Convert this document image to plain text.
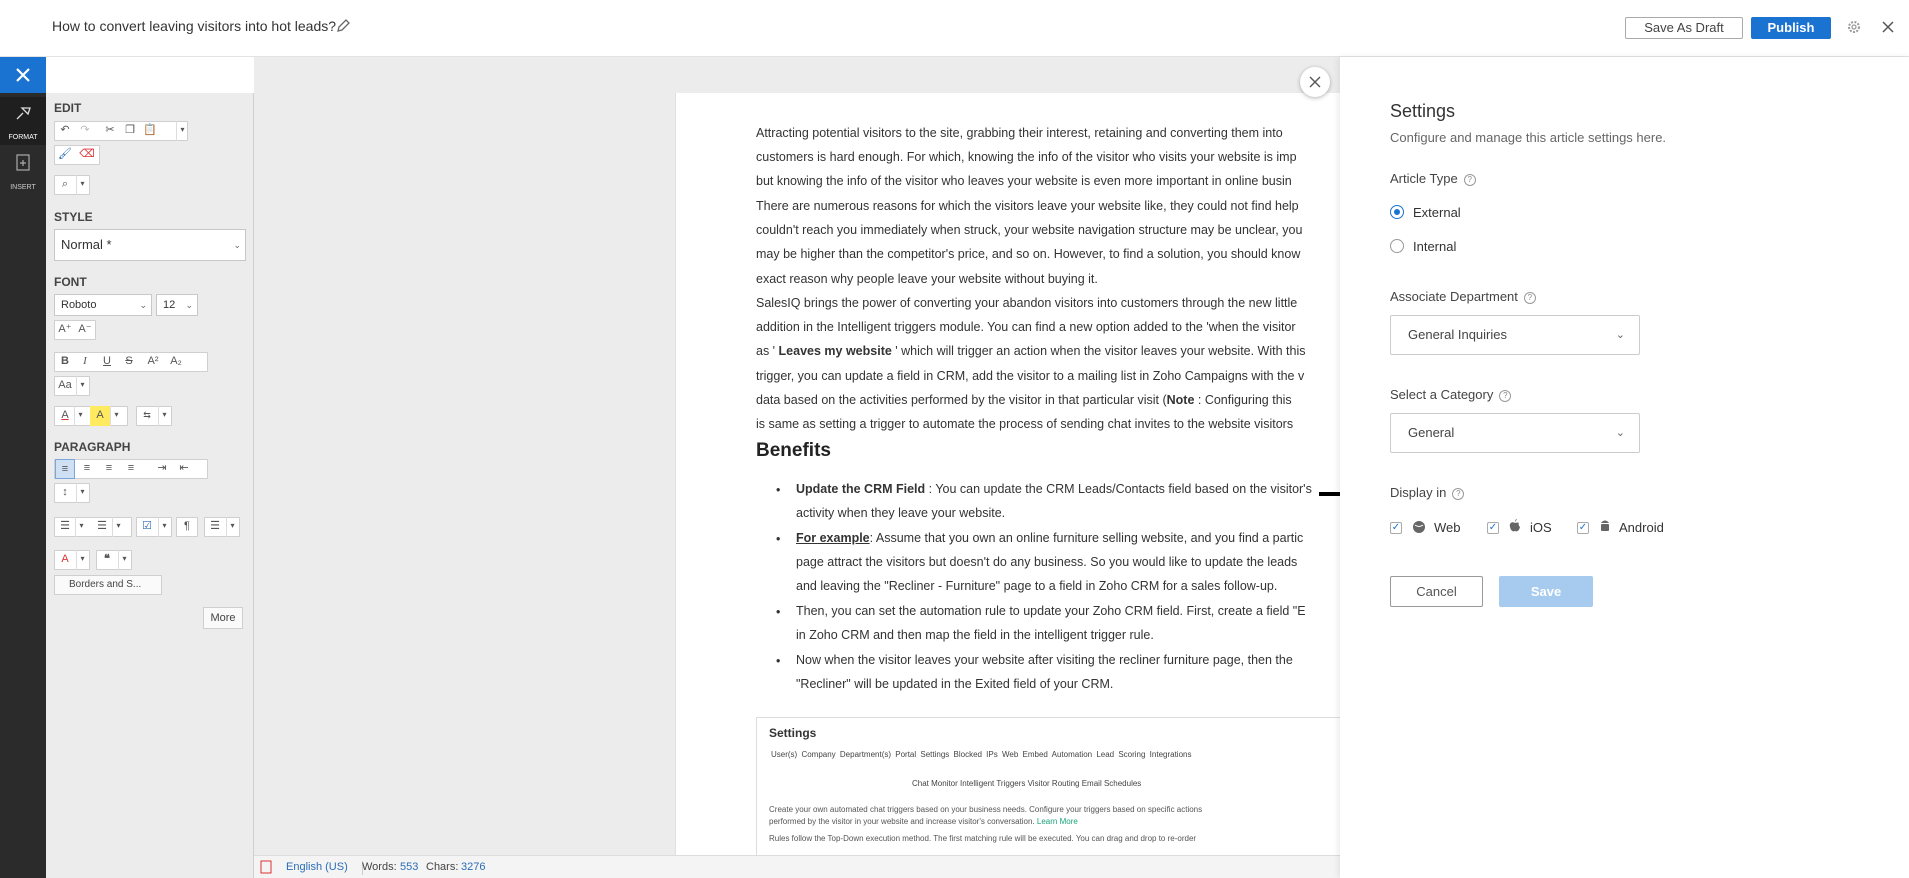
How to convert leaving visitors into hot leads?	Save As Draft	Publish
FORMAT
INSERT
EDIT
↶ ↷	✂ ❐ 📋	▾
🖌 ⌫
⌕	▾
STYLE
Normal *	⌄
FONT
Roboto	⌄	12 ⌄
A⁺ A⁻
B	I	U	S	A²	A₂
Aa	▾
A	▾	A	▾	⇆	▾
PARAGRAPH
≡	≡	≡	≡	⇥	⇤
↕	▾
☰	▾	☰	▾	☑	▾	¶	☰	▾
A	▾	❝	▾
Borders and S...
More
Attracting potential visitors to the site, grabbing their interest, retaining and converting them into
customers is hard enough. For which, knowing the info of the visitor who visits your website is imp
but knowing the info of the visitor who leaves your website is even more important in online busin
There are numerous reasons for which the visitors leave your website like, they could not find help
couldn't reach you immediately when struck, your website navigation structure may be unclear, you
may be higher than the competitor's price, and so on. However, to find a solution, you should know
exact reason why people leave your website without buying it.
SalesIQ brings the power of converting your abandon visitors into customers through the new little
addition in the Intelligent triggers module. You can find a new option added to the 'when the visitor
as ' Leaves my website ' which will trigger an action when the visitor leaves your website. With this
trigger, you can update a field in CRM, add the visitor to a mailing list in Zoho Campaigns with the v
data based on the activities performed by the visitor in that particular visit (Note : Configuring this
is same as setting a trigger to automate the process of sending chat invites to the website visitors
Benefits
• Update the CRM Field : You can update the CRM Leads/Contacts field based on the visitor's
activity when they leave your website.
• For example: Assume that you own an online furniture selling website, and you find a partic
page attract the visitors but doesn't do any business. So you would like to update the leads
and leaving the "Recliner - Furniture" page to a field in Zoho CRM for a sales follow-up.
• Then, you can set the automation rule to update your Zoho CRM field. First, create a field "E
in Zoho CRM and then map the field in the intelligent trigger rule.
• Now when the visitor leaves your website after visiting the recliner furniture page, then the
"Recliner" will be updated in the Exited field of your CRM.
Settings
User(s) Company Department(s) Portal Settings Blocked IPs Web Embed Automation Lead Scoring Integrations
Chat Monitor Intelligent Triggers Visitor Routing Email Schedules
Create your own automated chat triggers based on your business needs. Configure your triggers based on specific actions
performed by the visitor in your website and increase visitor's conversation. Learn More
Rules follow the Top-Down execution method. The first matching rule will be executed. You can drag and drop to re-order
English (US) Words: 553 Chars: 3276
Settings
Configure and manage this article settings here.
Article Type ?
External
Internal
Associate Department ?
General Inquiries	⌄
Select a Category ?
General	⌄
Display in ?
✓	Web	✓	iOS	✓ Android
Cancel	Save
